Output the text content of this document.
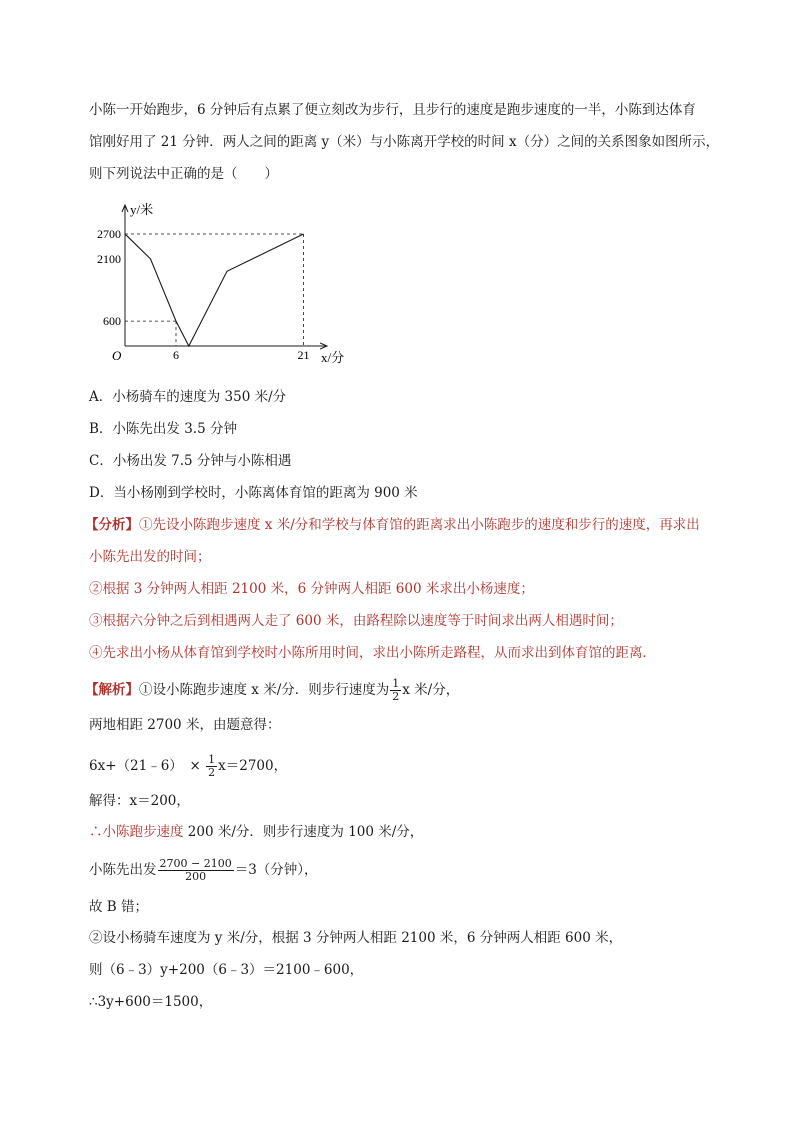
小陈一开始跑步，6 分钟后有点累了便立刻改为步行，且步行的速度是跑步速度的一半，小陈到达体育
馆刚好用了 21 分钟．两人之间的距离 y（米）与小陈离开学校的时间 x（分）之间的关系图象如图所示，
则下列说法中正确的是（　　）
y/米
x/分
O
2700
2100
600
6	21
A．小杨骑车的速度为 350 米/分
B．小陈先出发 3.5 分钟
C．小杨出发 7.5 分钟与小陈相遇
D．当小杨刚到学校时，小陈离体育馆的距离为 900 米
【分析】①先设小陈跑步速度 x 米/分和学校与体育馆的距离求出小陈跑步的速度和步行的速度，再求出
小陈先出发的时间；
②根据 3 分钟两人相距 2100 米，6 分钟两人相距 600 米求出小杨速度；
③根据六分钟之后到相遇两人走了 600 米，由路程除以速度等于时间求出两人相遇时间；
④先求出小杨从体育馆到学校时小陈所用时间，求出小陈所走路程，从而求出到体育馆的距离．
【解析】①设小陈跑步速度 x 米/分．则步行速度为 $\frac{1}{2}$ x 米/分，
两地相距 2700 米，由题意得：
6x+（21﹣6）　× $\frac{1}{2} x=2700$，
解得：x＝200，
∴小陈跑步速度 200 米/分．则步行速度为 100 米/分，
小陈先出发 $\frac{2700 - 2100}{200} =3$（分钟），
故 B 错；
②设小杨骑车速度为 y 米/分，根据 3 分钟两人相距 2100 米，6 分钟两人相距 600 米，
则（6﹣3）y+200（6﹣3）＝2100﹣600，
∴3y+600＝1500，
